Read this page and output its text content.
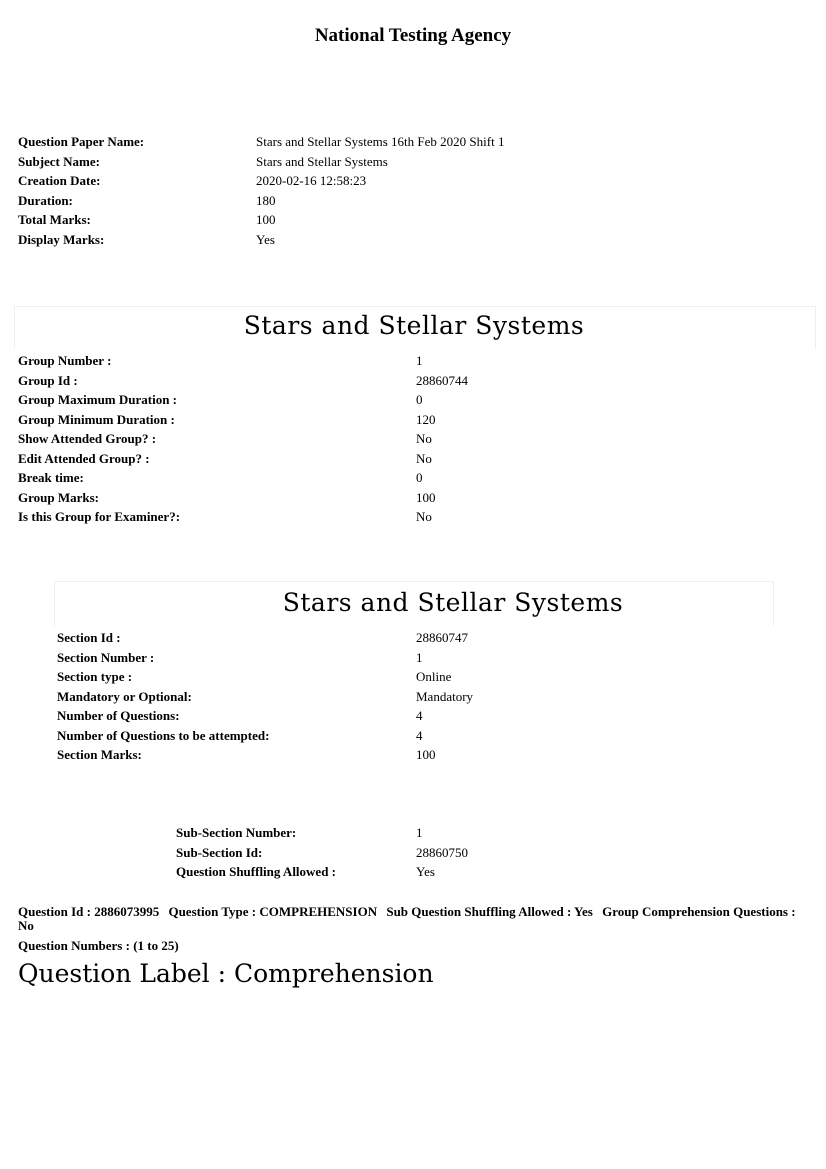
National Testing Agency
Question Paper Name:	Stars and Stellar Systems 16th Feb 2020 Shift 1
Subject Name:	Stars and Stellar Systems
Creation Date:	2020-02-16 12:58:23
Duration:	180
Total Marks:	100
Display Marks:	Yes
Stars and Stellar Systems
Group Number :	1
Group Id :	28860744
Group Maximum Duration :	0
Group Minimum Duration :	120
Show Attended Group? :	No
Edit Attended Group? :	No
Break time:	0
Group Marks:	100
Is this Group for Examiner?:	No
Stars and Stellar Systems
Section Id :	28860747
Section Number :	1
Section type :	Online
Mandatory or Optional:	Mandatory
Number of Questions:	4
Number of Questions to be attempted:	4
Section Marks:	100
Sub-Section Number:	1
Sub-Section Id:	28860750
Question Shuffling Allowed :	Yes
Question Id : 2886073995 Question Type : COMPREHENSION Sub Question Shuffling Allowed : Yes Group Comprehension Questions : No
Question Numbers : (1 to 25)
Question Label : Comprehension
